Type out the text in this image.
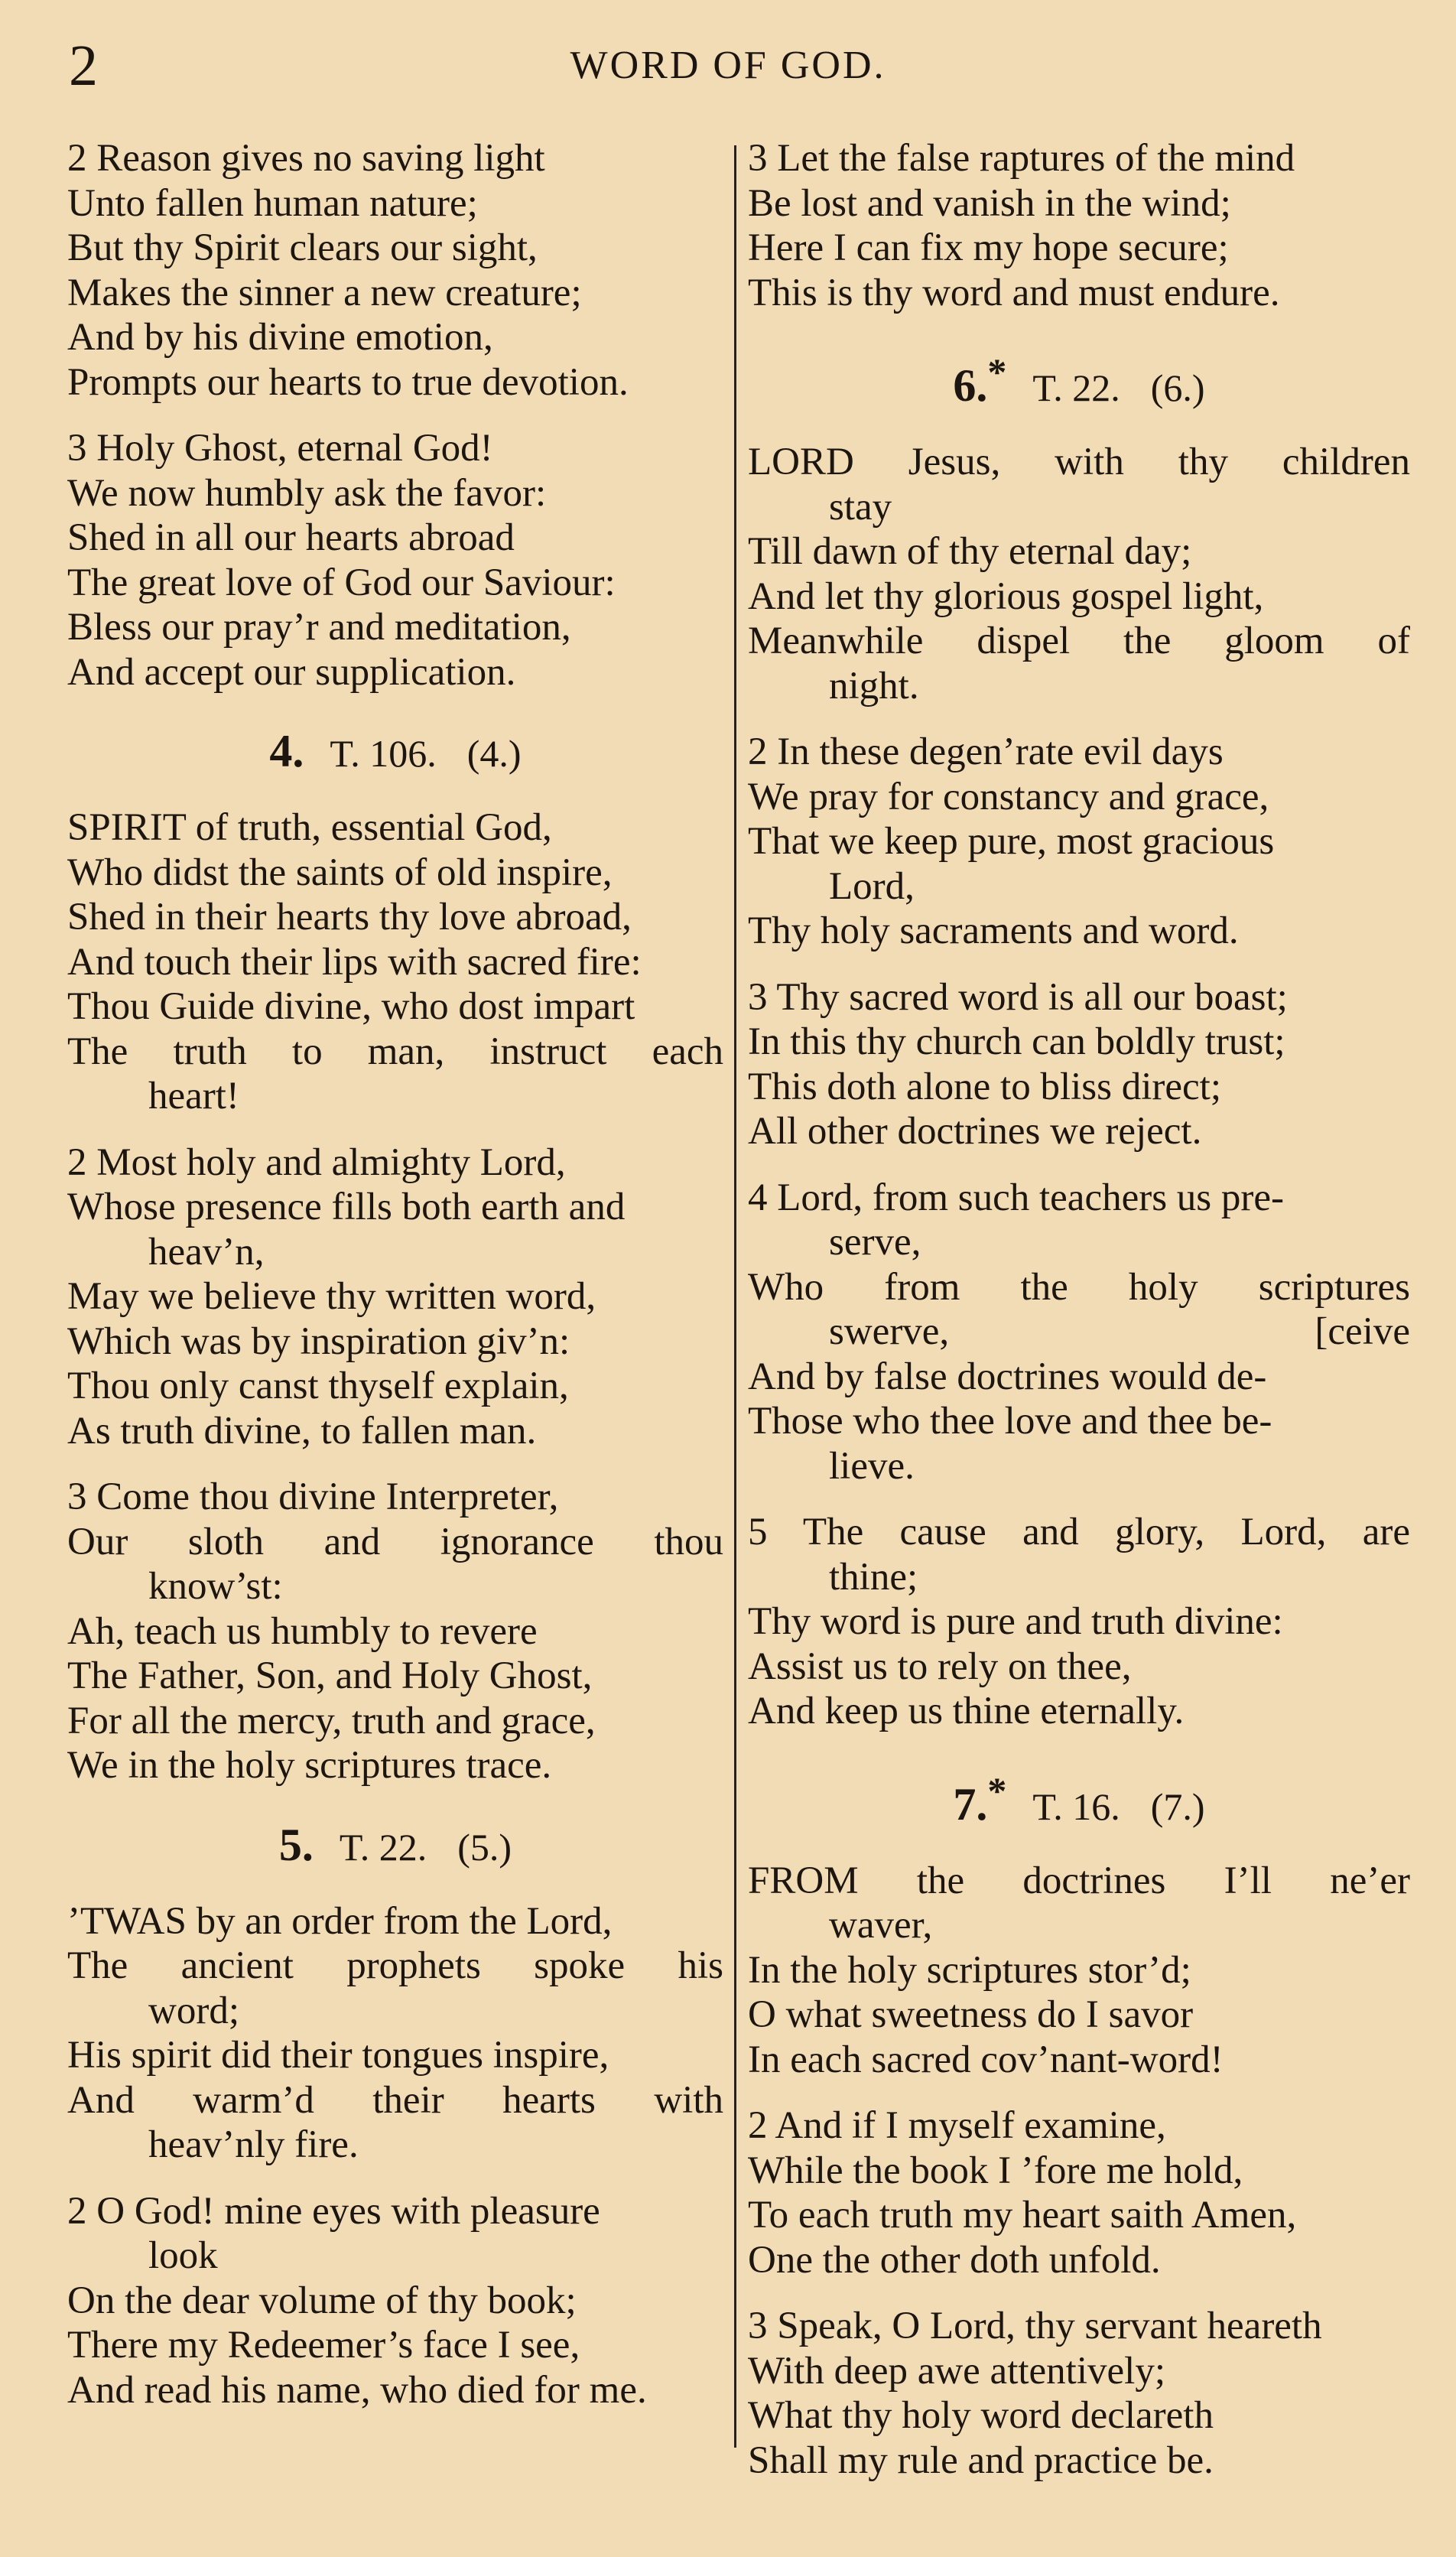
2	WORD OF GOD.
2 Reason gives no saving light
Unto fallen human nature;
But thy Spirit clears our sight,
Makes the sinner a new creature;
And by his divine emotion,
Prompts our hearts to true devotion.
3 Holy Ghost, eternal God!
We now humbly ask the favor:
Shed in all our hearts abroad
The great love of God our Saviour:
Bless our pray’r and meditation,
And accept our supplication.
4. T. 106. (4.)
SPIRIT of truth, essential God,
Who didst the saints of old inspire,
Shed in their hearts thy love abroad,
And touch their lips with sacred fire:
Thou Guide divine, who dost impart
The truth to man, instruct each
heart!
2 Most holy and almighty Lord,
Whose presence fills both earth and
heav’n,
May we believe thy written word,
Which was by inspiration giv’n:
Thou only canst thyself explain,
As truth divine, to fallen man.
3 Come thou divine Interpreter,
Our sloth and ignorance thou
know’st:
Ah, teach us humbly to revere
The Father, Son, and Holy Ghost,
For all the mercy, truth and grace,
We in the holy scriptures trace.
5. T. 22. (5.)
’TWAS by an order from the Lord,
The ancient prophets spoke his
word;
His spirit did their tongues inspire,
And warm’d their hearts with
heav’nly fire.
2 O God! mine eyes with pleasure
look
On the dear volume of thy book;
There my Redeemer’s face I see,
And read his name, who died for me.
3 Let the false raptures of the mind
Be lost and vanish in the wind;
Here I can fix my hope secure;
This is thy word and must endure.
6.* T. 22. (6.)
LORD Jesus, with thy children
stay
Till dawn of thy eternal day;
And let thy glorious gospel light,
Meanwhile dispel the gloom of
night.
2 In these degen’rate evil days
We pray for constancy and grace,
That we keep pure, most gracious
Lord,
Thy holy sacraments and word.
3 Thy sacred word is all our boast;
In this thy church can boldly trust;
This doth alone to bliss direct;
All other doctrines we reject.
4 Lord, from such teachers us pre-
serve,
Who from the holy scriptures
swerve, [ceive
And by false doctrines would de-
Those who thee love and thee be-
lieve.
5 The cause and glory, Lord, are
thine;
Thy word is pure and truth divine:
Assist us to rely on thee,
And keep us thine eternally.
7.* T. 16. (7.)
FROM the doctrines I’ll ne’er
waver,
In the holy scriptures stor’d;
O what sweetness do I savor
In each sacred cov’nant-word!
2 And if I myself examine,
While the book I ’fore me hold,
To each truth my heart saith Amen,
One the other doth unfold.
3 Speak, O Lord, thy servant heareth
With deep awe attentively;
What thy holy word declareth
Shall my rule and practice be.
